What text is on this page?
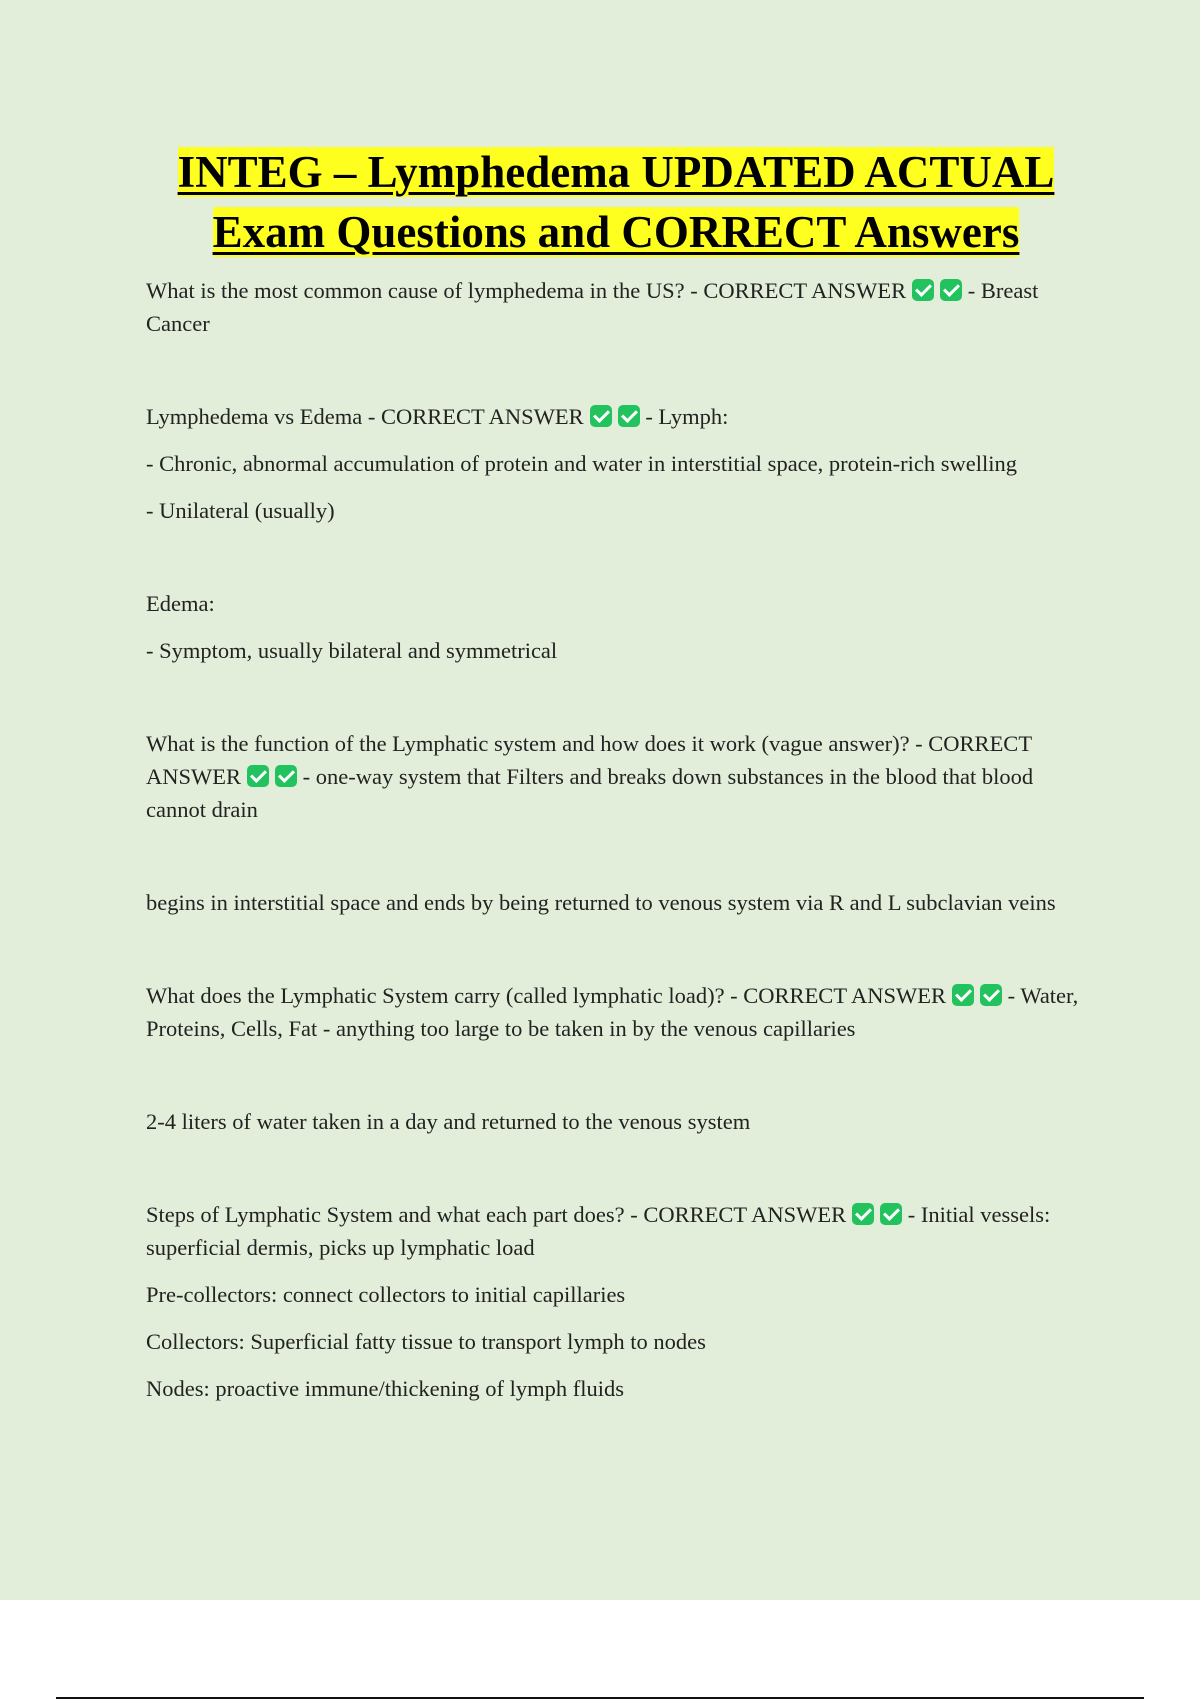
INTEG – Lymphedema UPDATED ACTUAL
Exam Questions and CORRECT Answers

What is the most common cause of lymphedema in the US? - CORRECT ANSWER	- Breast Cancer

Lymphedema vs Edema - CORRECT ANSWER	- Lymph:

- Chronic, abnormal accumulation of protein and water in interstitial space, protein-rich swelling

- Unilateral (usually)

Edema:

- Symptom, usually bilateral and symmetrical

What is the function of the Lymphatic system and how does it work (vague answer)? - CORRECT ANSWER	- one-way system that Filters and breaks down substances in the blood that blood cannot drain

begins in interstitial space and ends by being returned to venous system via R and L subclavian veins

What does the Lymphatic System carry (called lymphatic load)? - CORRECT ANSWER	- Water, Proteins, Cells, Fat - anything too large to be taken in by the venous capillaries

2-4 liters of water taken in a day and returned to the venous system

Steps of Lymphatic System and what each part does? - CORRECT ANSWER	- Initial vessels: superficial dermis, picks up lymphatic load

Pre-collectors: connect collectors to initial capillaries

Collectors: Superficial fatty tissue to transport lymph to nodes

Nodes: proactive immune/thickening of lymph fluids
